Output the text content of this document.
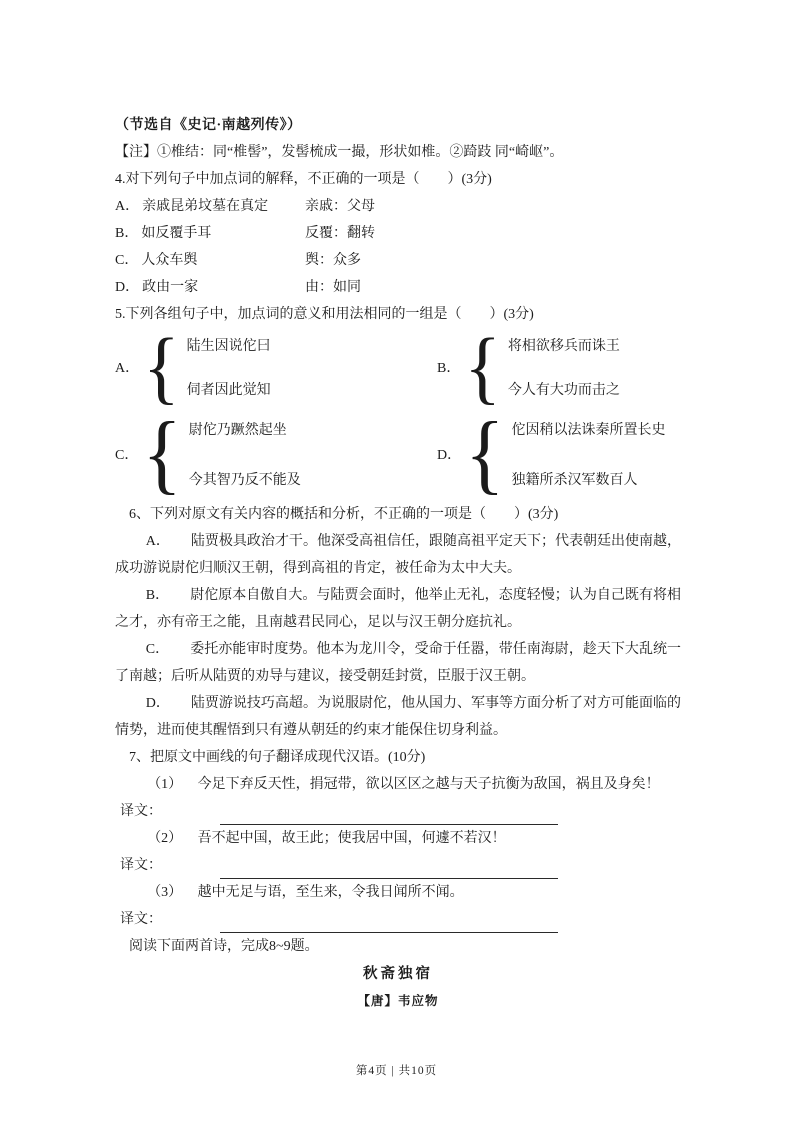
（节选自《史记·南越列传》）

【注】①椎结：同“椎髻”，发髻梳成一撮，形状如椎。②踦跂 同“崎岖”。

4.对下列句子中加点词的解释，不正确的一项是（　　）(3分)

A． 亲戚昆弟坟墓在真定	亲戚：父母
B． 如反覆手耳	反覆：翻转
C． 人众车舆	舆：众多
D． 政由一家	由：如同

5.下列各组句子中，加点词的意义和用法相同的一组是（　　）(3分)

A． { 陆生因说佗曰
伺者因此觉知
B． { 将相欲移兵而诛王
今人有大功而击之
C． { 尉佗乃蹶然起坐
今其智乃反不能及
D． { 佗因稍以法诛秦所置长史
独籍所杀汉军数百人

6、下列对原文有关内容的概括和分析，不正确的一项是（　　）(3分)

A． 陆贾极具政治才干。他深受高祖信任，跟随高祖平定天下；代表朝廷出使南越，成功游说尉佗归顺汉王朝，得到高祖的肯定，被任命为太中大夫。

B． 尉佗原本自傲自大。与陆贾会面时，他举止无礼，态度轻慢；认为自己既有将相之才，亦有帝王之能，且南越君民同心，足以与汉王朝分庭抗礼。

C． 委托亦能审时度势。他本为龙川令，受命于任嚣，带任南海尉，趁天下大乱统一了南越；后听从陆贾的劝导与建议，接受朝廷封赏，臣服于汉王朝。

D． 陆贾游说技巧高超。为说服尉佗，他从国力、军事等方面分析了对方可能面临的情势，进而使其醒悟到只有遵从朝廷的约束才能保住切身利益。

7、把原文中画线的句子翻译成现代汉语。(10分)

（1） 今足下弃反天性，捐冠带，欲以区区之越与天子抗衡为敌国，祸且及身矣！

译文：

（2） 吾不起中国，故王此；使我居中国，何遽不若汉！

译文：

（3） 越中无足与语，至生来，令我日闻所不闻。

译文：

阅读下面两首诗，完成8~9题。

秋斋独宿

【唐】韦应物

第4页 | 共10页
